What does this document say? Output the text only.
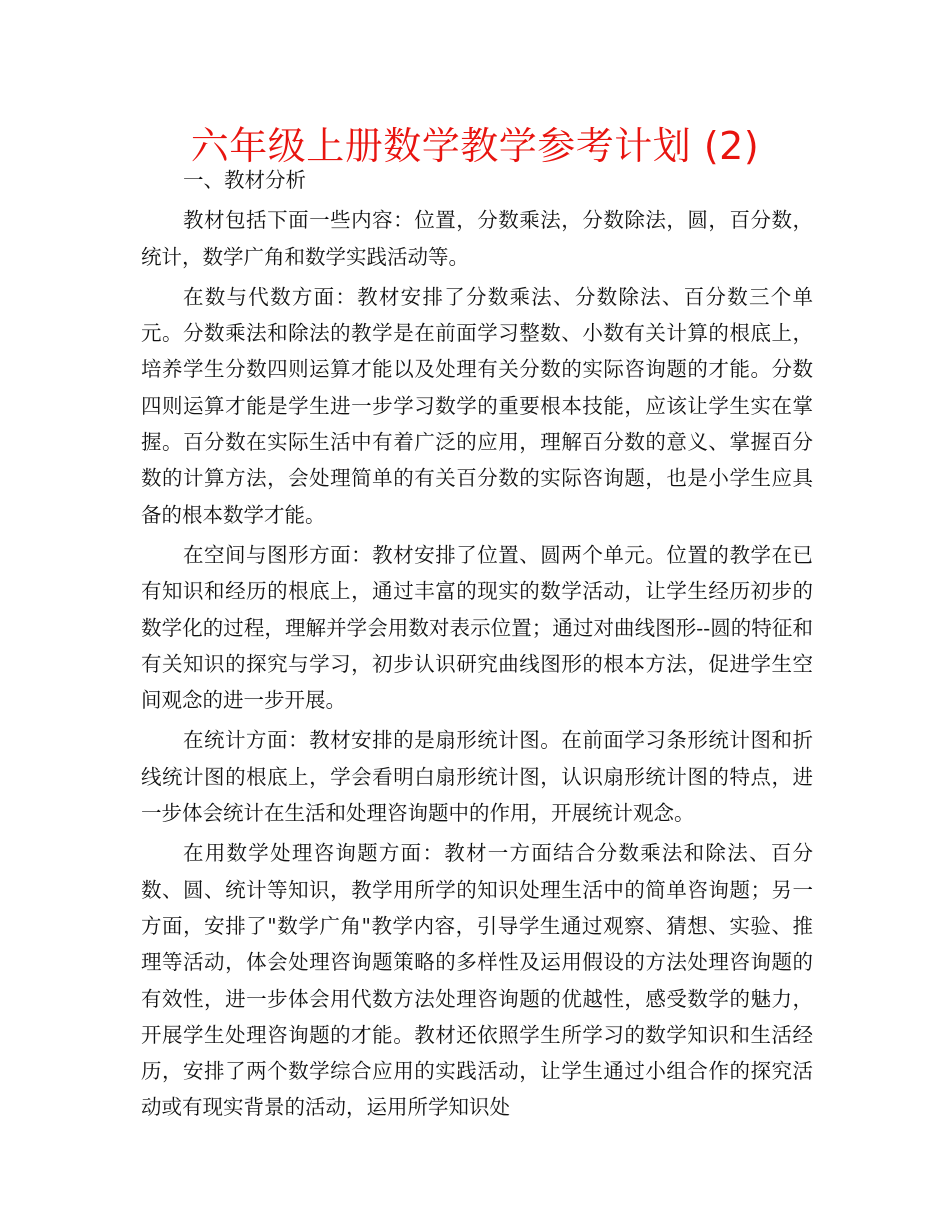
六年级上册数学教学参考计划 (2)

一、教材分析

教材包括下面一些内容：位置，分数乘法，分数除法，圆，百分数，统计，数学广角和数学实践活动等。

在数与代数方面：教材安排了分数乘法、分数除法、百分数三个单元。分数乘法和除法的教学是在前面学习整数、小数有关计算的根底上，培养学生分数四则运算才能以及处理有关分数的实际咨询题的才能。分数四则运算才能是学生进一步学习数学的重要根本技能，应该让学生实在掌握。百分数在实际生活中有着广泛的应用，理解百分数的意义、掌握百分数的计算方法，会处理简单的有关百分数的实际咨询题，也是小学生应具备的根本数学才能。

在空间与图形方面：教材安排了位置、圆两个单元。位置的教学在已有知识和经历的根底上，通过丰富的现实的数学活动，让学生经历初步的数学化的过程，理解并学会用数对表示位置；通过对曲线图形--圆的特征和有关知识的探究与学习，初步认识研究曲线图形的根本方法，促进学生空间观念的进一步开展。

在统计方面：教材安排的是扇形统计图。在前面学习条形统计图和折线统计图的根底上，学会看明白扇形统计图，认识扇形统计图的特点，进一步体会统计在生活和处理咨询题中的作用，开展统计观念。

在用数学处理咨询题方面：教材一方面结合分数乘法和除法、百分数、圆、统计等知识，教学用所学的知识处理生活中的简单咨询题；另一方面，安排了"数学广角"教学内容，引导学生通过观察、猜想、实验、推理等活动，体会处理咨询题策略的多样性及运用假设的方法处理咨询题的有效性，进一步体会用代数方法处理咨询题的优越性，感受数学的魅力，开展学生处理咨询题的才能。教材还依照学生所学习的数学知识和生活经历，安排了两个数学综合应用的实践活动，让学生通过小组合作的探究活动或有现实背景的活动，运用所学知识处
